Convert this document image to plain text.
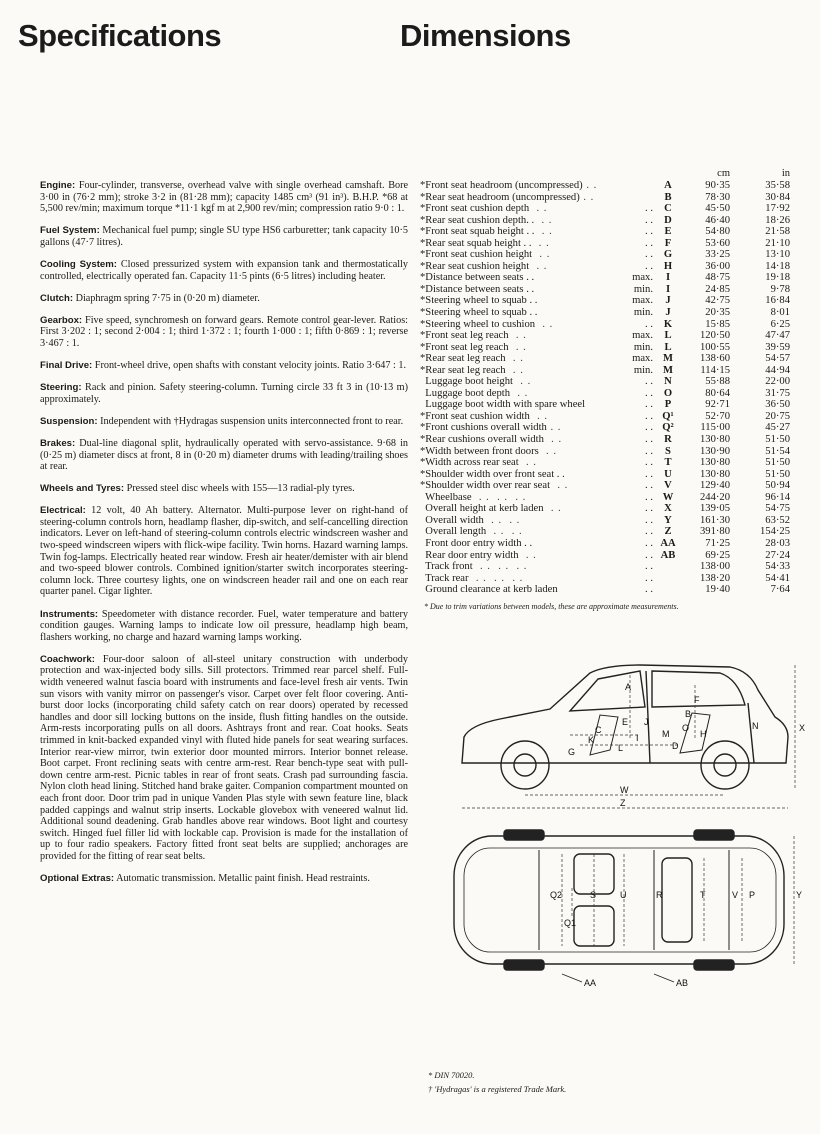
Specifications	Dimensions

Engine: Four-cylinder, transverse, overhead valve with single overhead camshaft. Bore 3·00 in (76·2 mm); stroke 3·2 in (81·28 mm); capacity 1485 cm³ (91 in³). B.H.P. *68 at 5,500 rev/min; maximum torque *11·1 kgf m at 2,900 rev/min; compression ratio 9·0 : 1.

Fuel System: Mechanical fuel pump; single SU type HS6 carburetter; tank capacity 10·5 gallons (47·7 litres).

Cooling System: Closed pressurized system with expansion tank and thermostatically controlled, electrically operated fan. Capacity 11·5 pints (6·5 litres) including heater.

Clutch: Diaphragm spring 7·75 in (0·20 m) diameter.

Gearbox: Five speed, synchromesh on forward gears. Remote control gear-lever. Ratios: First 3·202 : 1; second 2·004 : 1; third 1·372 : 1; fourth 1·000 : 1; fifth 0·869 : 1; reverse 3·467 : 1.

Final Drive: Front-wheel drive, open shafts with constant velocity joints. Ratio 3·647 : 1.

Steering: Rack and pinion. Safety steering-column. Turning circle 33 ft 3 in (10·13 m) approximately.

Suspension: Independent with †Hydragas suspension units interconnected front to rear.

Brakes: Dual-line diagonal split, hydraulically operated with servo-assistance. 9·68 in (0·25 m) diameter discs at front, 8 in (0·20 m) diameter drums with leading/trailing shoes at rear.

Wheels and Tyres: Pressed steel disc wheels with 155—13 radial-ply tyres.

Electrical: 12 volt, 40 Ah battery. Alternator. Multi-purpose lever on right-hand of steering-column controls horn, headlamp flasher, dip-switch, and self-cancelling direction indicators. Lever on left-hand of steering-column controls electric windscreen washer and two-speed windscreen wipers with flick-wipe facility. Twin horns. Hazard warning lamps. Twin fog-lamps. Electrically heated rear window. Fresh air heater/demister with air blend and two-speed blower controls. Combined ignition/starter switch incorporates steering-column lock. Three courtesy lights, one on windscreen header rail and one on each rear quarter panel. Cigar lighter.

Instruments: Speedometer with distance recorder. Fuel, water temperature and battery condition gauges. Warning lamps to indicate low oil pressure, headlamp high beam, flashers working, no charge and hazard warning lamps working.

Coachwork: Four-door saloon of all-steel unitary construction with underbody protection and wax-injected body sills. Sill protectors. Trimmed rear parcel shelf. Full-width veneered walnut fascia board with instruments and face-level fresh air vents. Twin sun visors with vanity mirror on passenger's visor. Carpet over felt floor covering. Anti-burst door locks (incorporating child safety catch on rear doors) operated by recessed handles and door sill locking buttons on the inside, flush fitting handles on the outside. Arm-rests incorporating pulls on all doors. Ashtrays front and rear. Coat hooks. Seats trimmed in knit-backed expanded vinyl with fluted hide panels for seat wearing surfaces. Interior rear-view mirror, twin exterior door mounted mirrors. Interior bonnet release. Boot carpet. Front reclining seats with centre arm-rest. Rear bench-type seat with pull-down centre arm-rest. Picnic tables in rear of front seats. Crash pad surrounding fascia. Nylon cloth head lining. Stitched hand brake gaiter. Companion compartment mounted on each front door. Door trim pad in unique Vanden Plas style with sewn feature line, black padded cappings and walnut strip inserts. Lockable glovebox with veneered walnut lid. Additional sound deadening. Grab handles above rear windows. Boot light and courtesy switch. Hinged fuel filler lid with lockable cap. Provision is made for the installation of up to four radio speakers. Factory fitted front seat belts are supplied; anchorages are provided for the fitting of rear seat belts.

Optional Extras: Automatic transmission. Metallic paint finish. Head restraints.

cm	in
*Front seat headroom (uncompressed) . .	A	90·35	35·58
*Rear seat headroom (uncompressed) . .	B	78·30	30·84
*Front seat cushion depth  . .	. .	C	45·50	17·92
*Rear seat cushion depth. .  . .	. .	D	46·40	18·26
*Front seat squab height . .  . .	. .	E	54·80	21·58
*Rear seat squab height . .  . .	. .	F	53·60	21·10
*Front seat cushion height  . .	. .	G	33·25	13·10
*Rear seat cushion height  . .	. .	H	36·00	14·18
*Distance between seats . .	max.	I	48·75	19·18
*Distance between seats . .	min.	I	24·85	9·78
*Steering wheel to squab . .	max.	J	42·75	16·84
*Steering wheel to squab . .	min.	J	20·35	8·01
*Steering wheel to cushion  . .	. .	K	15·85	6·25
*Front seat leg reach  . .	max.	L	120·50	47·47
*Front seat leg reach  . .	min.	L	100·55	39·59
*Rear seat leg reach  . .	max. M	138·60	54·57
*Rear seat leg reach  . .	min. M	114·15	44·94
Luggage boot height  . .	. .	N	55·88	22·00
Luggage boot depth  . .	. .	O	80·64	31·75
Luggage boot width with spare wheel	. .	P	92·71	36·50
*Front seat cushion width  . .	. . Q¹	52·70	20·75
*Front cushions overall width . .	. . Q²	115·00	45·27
*Rear cushions overall width  . .	. .	R	130·80	51·50
*Width between front doors  . .	. .	S	130·90	51·54
*Width across rear seat  . .	. .	T	130·80	51·50
*Shoulder width over front seat . .	. .	U	130·80	51·50
*Shoulder width over rear seat  . .	. .	V	129·40	50·94
Wheelbase  . .  . .  . .	. . W	244·20	96·14
Overall height at kerb laden  . .	. .	X	139·05	54·75
Overall width  . .  . .	. .	Y	161·30	63·52
Overall length  . .  . .	. .	Z	391·80	154·25
Front door entry width . .	. . AA	71·25	28·03
Rear door entry width  . .	. . AB	69·25	27·24
Track front  . .  . .  . .	. .	138·00	54·33
Track rear  . .  . .  . .	. .	138·20	54·41
Ground clearance at kerb laden	. .	19·40	7·64
* Due to trim variations between models, these are approximate measurements.
A
B
C
D
E
F
G
H
I
J
K
L
M
N
O	X
W
Z
Q2	S	U
Q1
R	T	V P	Y
AA	AB
* DIN 70020.
† 'Hydragas' is a registered Trade Mark.
